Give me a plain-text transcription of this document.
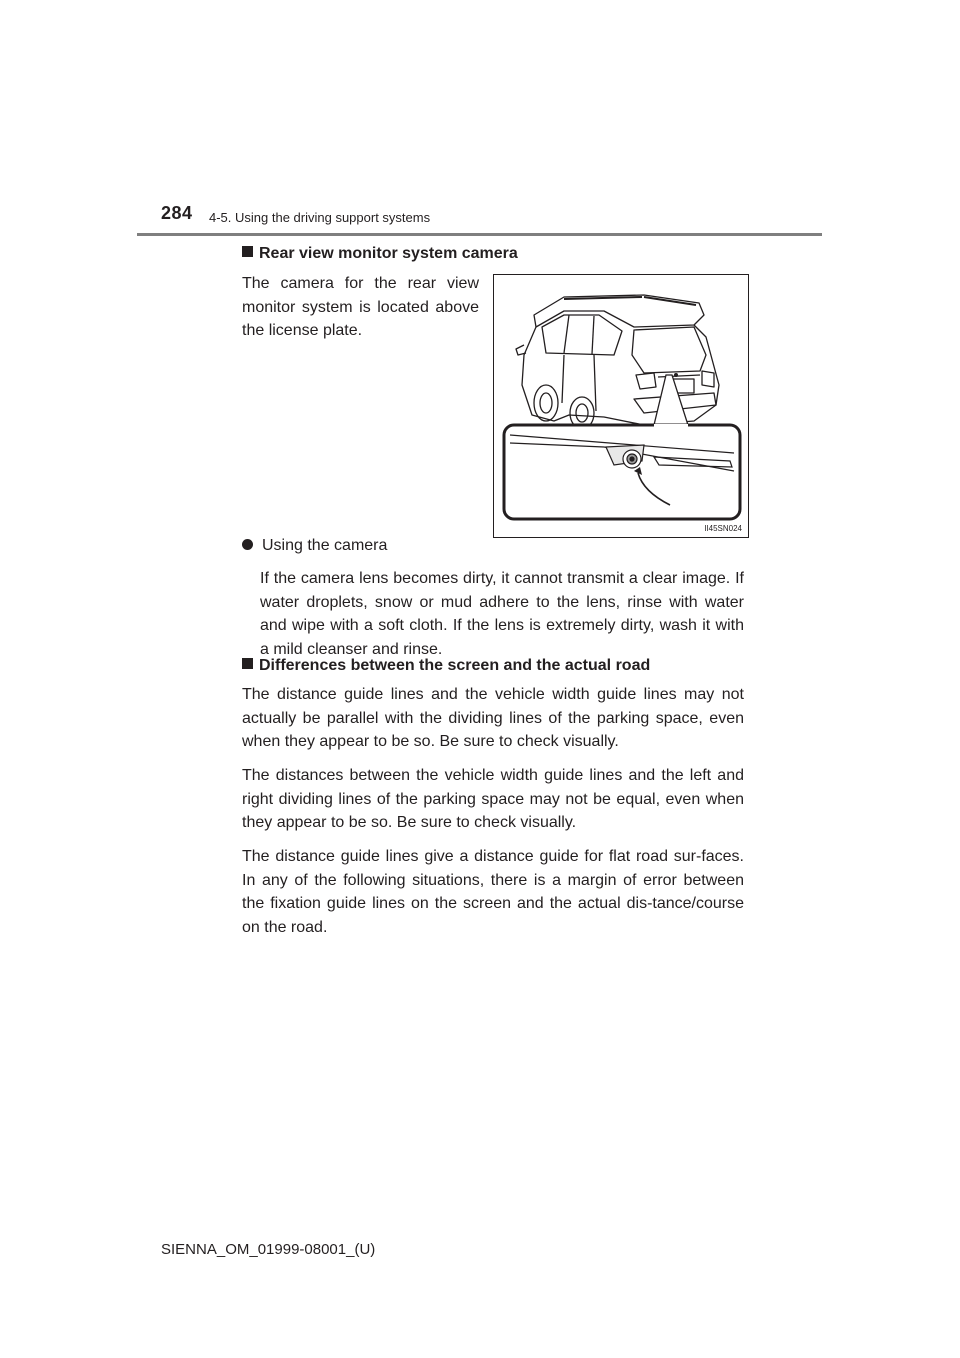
284 4-5. Using the driving support systems
Rear view monitor system camera
The camera for the rear view monitor system is located above the license plate.
II45SN024
Using the camera
If the camera lens becomes dirty, it cannot transmit a clear image. If water droplets, snow or mud adhere to the lens, rinse with water and wipe with a soft cloth. If the lens is extremely dirty, wash it with a mild cleanser and rinse.
Differences between the screen and the actual road
The distance guide lines and the vehicle width guide lines may not actually be parallel with the dividing lines of the parking space, even when they appear to be so. Be sure to check visually.
The distances between the vehicle width guide lines and the left and right dividing lines of the parking space may not be equal, even when they appear to be so. Be sure to check visually.
The distance guide lines give a distance guide for flat road sur-faces. In any of the following situations, there is a margin of error between the fixation guide lines on the screen and the actual dis-tance/course on the road.
SIENNA_OM_01999-08001_(U)
